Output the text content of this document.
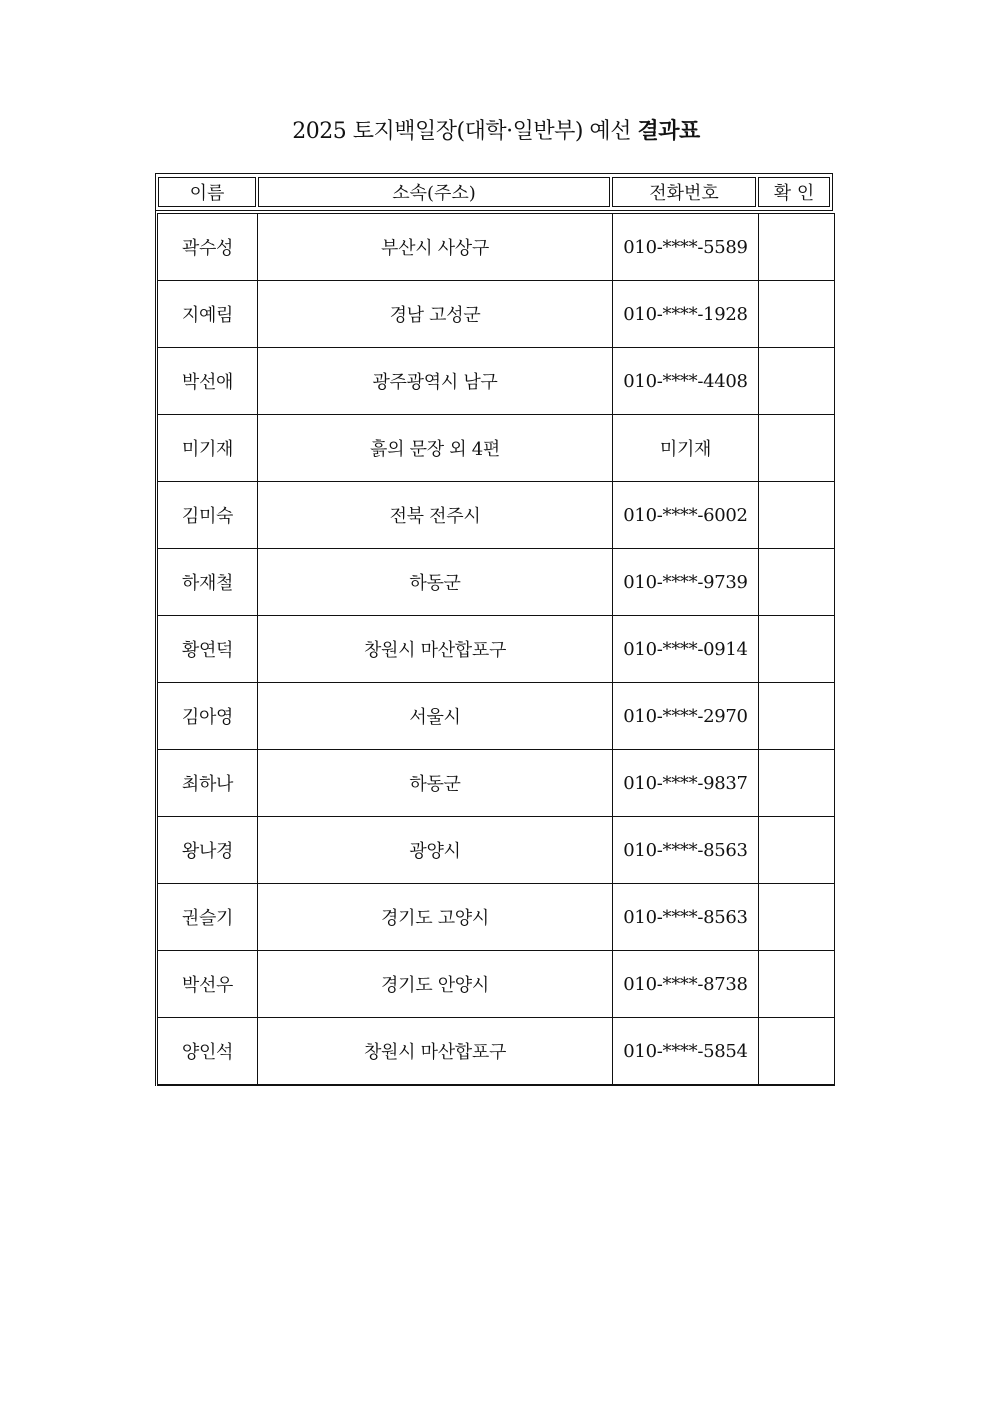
2025 토지백일장(대학·일반부) 예선 결과표
이름	소속(주소)	전화번호	확 인
곽수성	부산시 사상구	010-****-5589	
지예림	경남 고성군	010-****-1928	
박선애	광주광역시 남구	010-****-4408	
미기재	흙의 문장 외 4편	미기재	
김미숙	전북 전주시	010-****-6002	
하재철	하동군	010-****-9739	
황연덕	창원시 마산합포구	010-****-0914	
김아영	서울시	010-****-2970	
최하나	하동군	010-****-9837	
왕나경	광양시	010-****-8563	
권슬기	경기도 고양시	010-****-8563	
박선우	경기도 안양시	010-****-8738	
양인석	창원시 마산합포구	010-****-5854	
